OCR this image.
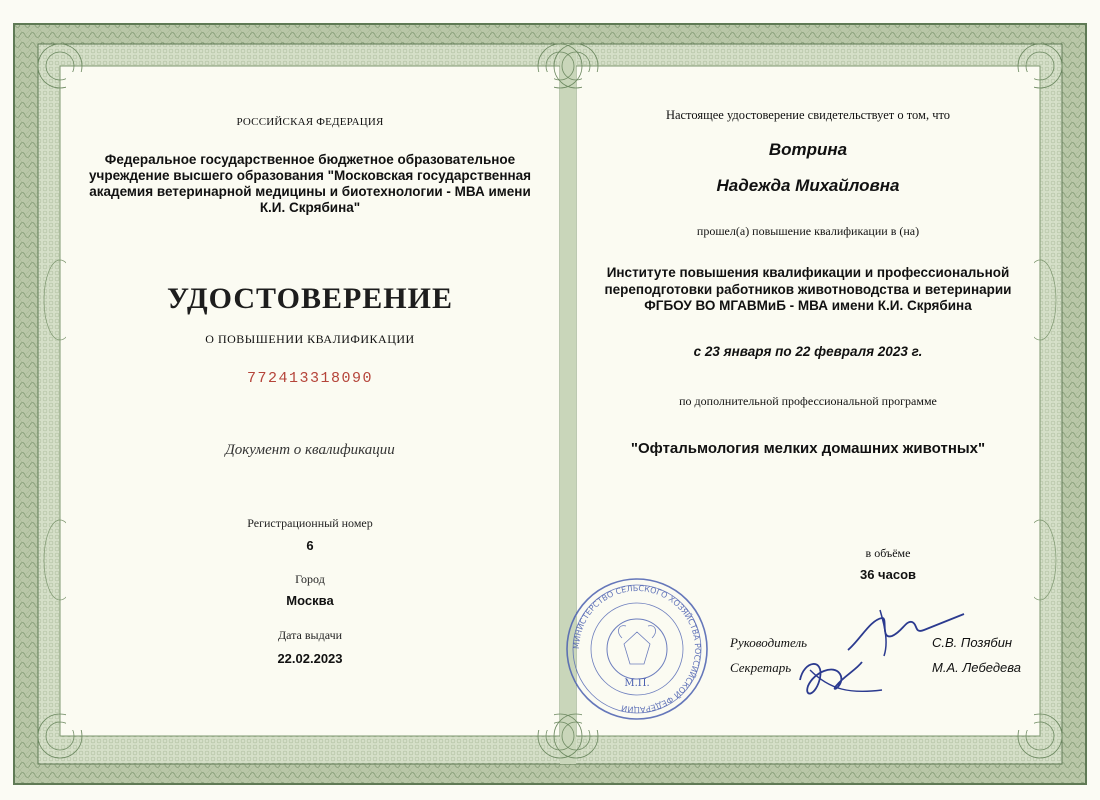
РОССИЙСКАЯ ФЕДЕРАЦИЯ
Федеральное государственное бюджетное образовательное учреждение высшего образования "Московская государственная академия ветеринарной медицины и биотехнологии - МВА имени К.И. Скрябина"
УДОСТОВЕРЕНИЕ
О ПОВЫШЕНИИ КВАЛИФИКАЦИИ
772413318090
Документ о квалификации
Регистрационный номер
6
Город
Москва
Дата выдачи
22.02.2023
Настоящее удостоверение свидетельствует о том, что
Вотрина
Надежда Михайловна
прошел(а) повышение квалификации в (на)
Институте повышения квалификации и профессиональной переподготовки работников животноводства и ветеринарии ФГБОУ ВО МГАВМиБ - МВА имени К.И. Скрябина
с 23 января по 22 февраля 2023 г.
по дополнительной профессиональной программе
"Офтальмология мелких домашних животных"
в объёме
36 часов
Руководитель	С.В. Позябин
Секретарь	М.А. Лебедева
МИНИСТЕРСТВО СЕЛЬСКОГО ХОЗЯЙСТВА РОССИЙСКОЙ ФЕДЕРАЦИИ
М.П.
